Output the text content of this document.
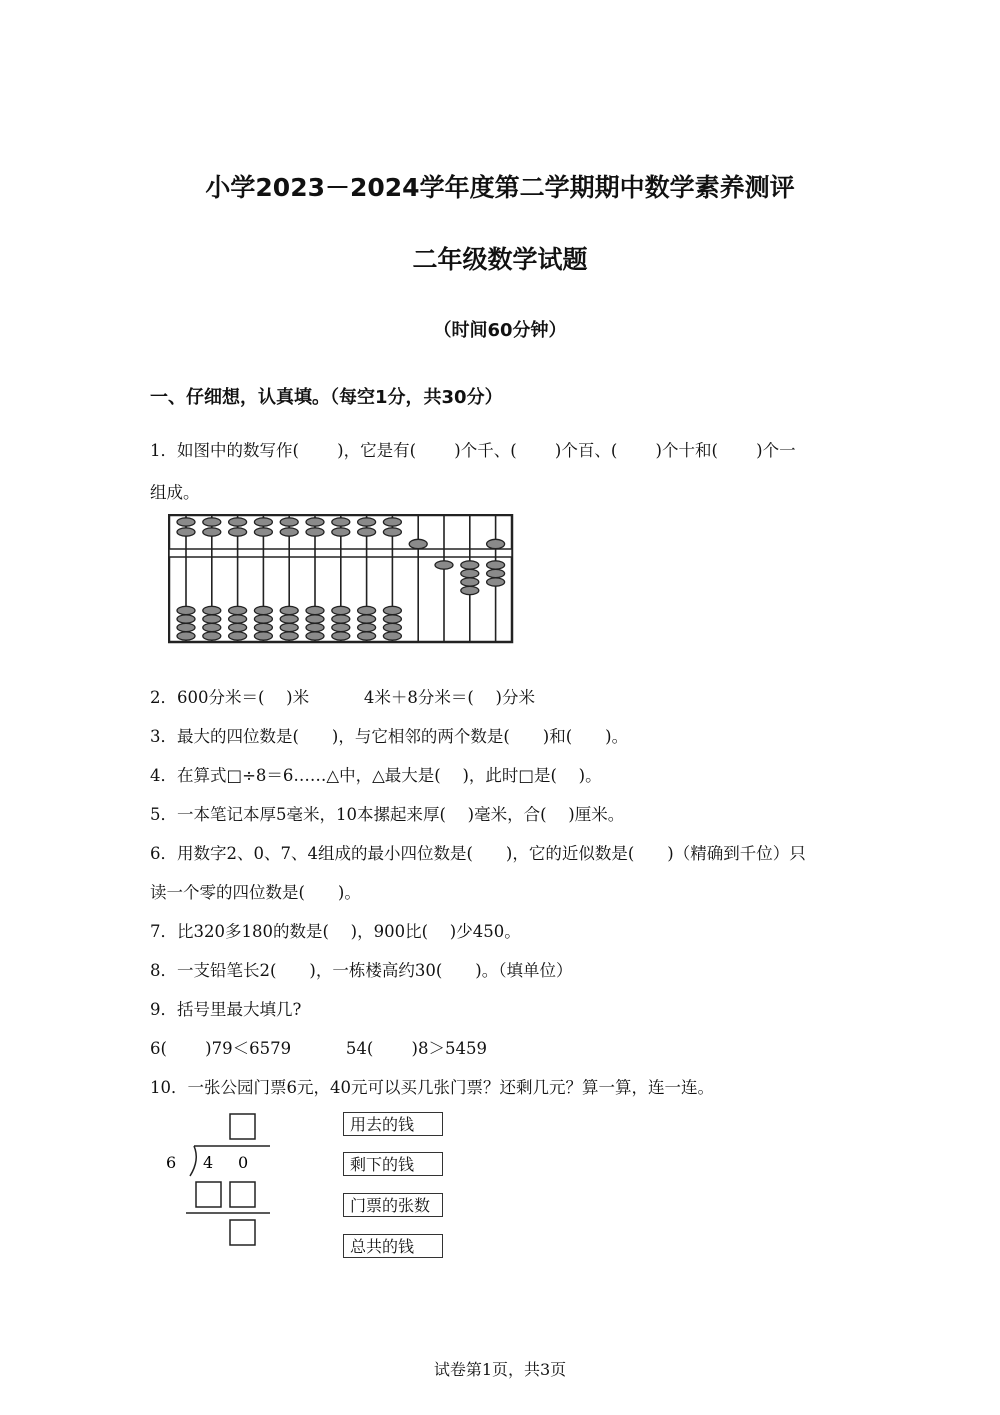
小学2023－2024学年度第二学期期中数学素养测评
二年级数学试题
（时间60分钟）
一、仔细想，认真填。（每空1分，共30分）
1．如图中的数写作(　　 )，它是有(　　 )个千、(　　 )个百、(　　 )个十和(　　 )个一
组成。
2．600分米＝(　 )米　　　 4米＋8分米＝(　 )分米
3．最大的四位数是(　　)，与它相邻的两个数是(　　)和(　　)。
4．在算式□÷8＝6……△中，△最大是(　 )，此时□是(　 )。
5．一本笔记本厚5毫米，10本摞起来厚(　 )毫米，合(　 )厘米。
6．用数字2、0、7、4组成的最小四位数是(　　)，它的近似数是(　　)（精确到千位）只
读一个零的四位数是(　　)。
7．比320多180的数是(　 )，900比(　 )少450。
8．一支铅笔长2(　　)，一栋楼高约30(　　)。（填单位）
9．括号里最大填几?
6(　　 )79＜6579　　　 54(　　 )8＞5459
10．一张公园门票6元，40元可以买几张门票？还剩几元？算一算，连一连。
6 4 0
用去的钱
剩下的钱
门票的张数
总共的钱
试卷第1页，共3页
